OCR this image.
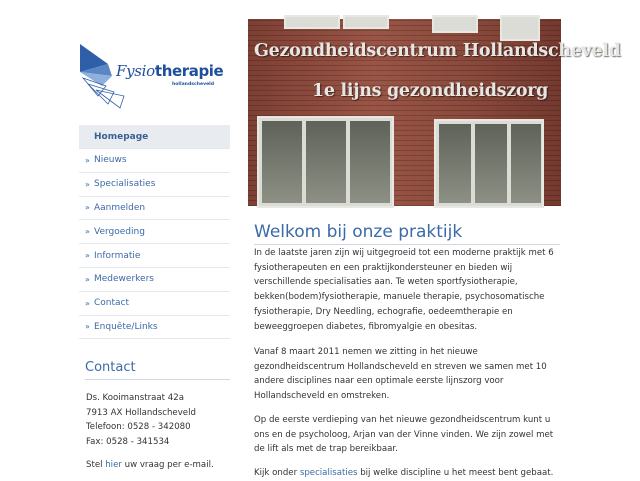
Fysiotherapie
hollandscheveld
Homepage
» Nieuws
» Specialisaties
» Aanmelden
» Vergoeding
» Informatie
» Medewerkers
» Contact
» Enquête/Links
Contact
Ds. Kooimanstraat 42a
7913 AX Hollandscheveld
Telefoon: 0528 - 342080
Fax: 0528 - 341534
Stel hier uw vraag per e-mail.
Gezondheidscentrum Hollandscheveld
1e lijns gezondheidszorg
Welkom bij onze praktijk

In de laatste jaren zijn wij uitgegroeid tot een moderne praktijk met 6 fysiotherapeuten en een praktijkondersteuner en bieden wij verschillende specialisaties aan. Te weten sportfysiotherapie, bekken(bodem)fysiotherapie, manuele therapie, psychosomatische fysiotherapie, Dry Needling, echografie, oedeemtherapie en beweeggroepen diabetes, fibromyalgie en obesitas.

Vanaf 8 maart 2011 nemen we zitting in het nieuwe gezondheidscentrum Hollandscheveld en streven we samen met 10 andere disciplines naar een optimale eerste lijnszorg voor Hollandscheveld en omstreken.

Op de eerste verdieping van het nieuwe gezondheidscentrum kunt u ons en de psycholoog, Arjan van der Vinne vinden. We zijn zowel met de lift als met de trap bereikbaar.

Kijk onder specialisaties bij welke discipline u het meest bent gebaat.
